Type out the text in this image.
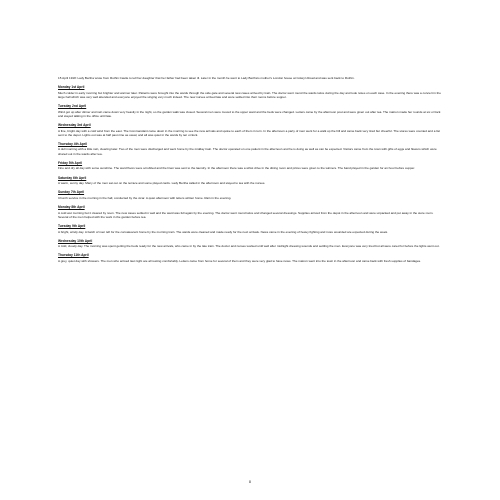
15 April 1918: Lady Bertha wrote from Ruthin Castle to tell her daughter that her father had been taken ill. Later in the month he went to Lady Bertha's mother's London house at Colwyn Road and was sent back to Ruthin.

Monday 1st April

Much colder in early morning but brighter and warmer later. Patients were brought into the wards through the side gate and several new cases arrived by train. The doctor went round the wards twice during the day and took notes on each case. In the evening there was a concert in the large hall which was very well attended and everyone enjoyed the singing very much indeed. The new nurses arrived late and were settled into their rooms before supper.

Tuesday 2nd April

Wind got up after dinner and rain came down very heavily in the night, so the garden walk was closed. Several men were moved to the upper ward and the beds were changed. Letters came by the afternoon post and were given out after tea. The matron made her rounds at six o'clock and stayed talking in the office until late.

Wednesday 3rd April

A fine, bright day with a cold wind from the east. The Commandant came down in the morning to see the new arrivals and spoke to each of them in turn. In the afternoon a party of men went for a walk up the hill and came back very tired but cheerful. The stores were counted and a list sent to the depot. Lights out was at half past nine as usual, and all was quiet in the wards by ten o'clock.

Thursday 4th April

A dull morning with a little rain, clearing later. Two of the men were discharged and went home by the midday train. The doctor operated on one patient in the afternoon and he is doing as well as can be expected. Visitors came from the town with gifts of eggs and flowers which were shared out in the wards after tea.

Friday 5th April

Fine and dry all day with some sunshine. The ward floors were scrubbed and the linen was sent to the laundry. In the afternoon there was a whist drive in the dining room and prizes were given to the winners. The band played in the garden for an hour before supper.

Saturday 6th April

A warm, sunny day. Many of the men sat out on the terrace and some played cards. Lady Bertha called in the afternoon and stayed to tea with the nurses.

Sunday 7th April

Church service in the morning in the hall, conducted by the vicar. A quiet afternoon with letters written home. Rain in the evening.

Monday 8th April

A cold wet morning but it cleared by noon. The new cases settled in well and the ward was full again by the evening. The doctor went round twice and changed several dressings. Supplies arrived from the depot in the afternoon and were unpacked and put away in the store room. Several of the men helped with the work in the garden before tea.

Tuesday 9th April

A bright, windy day. A batch of men left for the convalescent home by the morning train. The wards were cleaned and made ready for the next arrivals. News came in the evening of heavy fighting and more wounded are expected during the week.

Wednesday 10th April

A mild, cloudy day. The morning was spent getting the beds ready for the new arrivals, who came in by the late train. The doctor and nurses worked until well after midnight dressing wounds and settling the men. Everyone was very tired but all were cared for before the lights went out.

Thursday 11th April

A grey, quiet day with showers. The men who arrived last night are all resting comfortably. Letters came from home for several of them and they were very glad to have news. The matron went into the town in the afternoon and came back with fresh supplies of bandages.

8
